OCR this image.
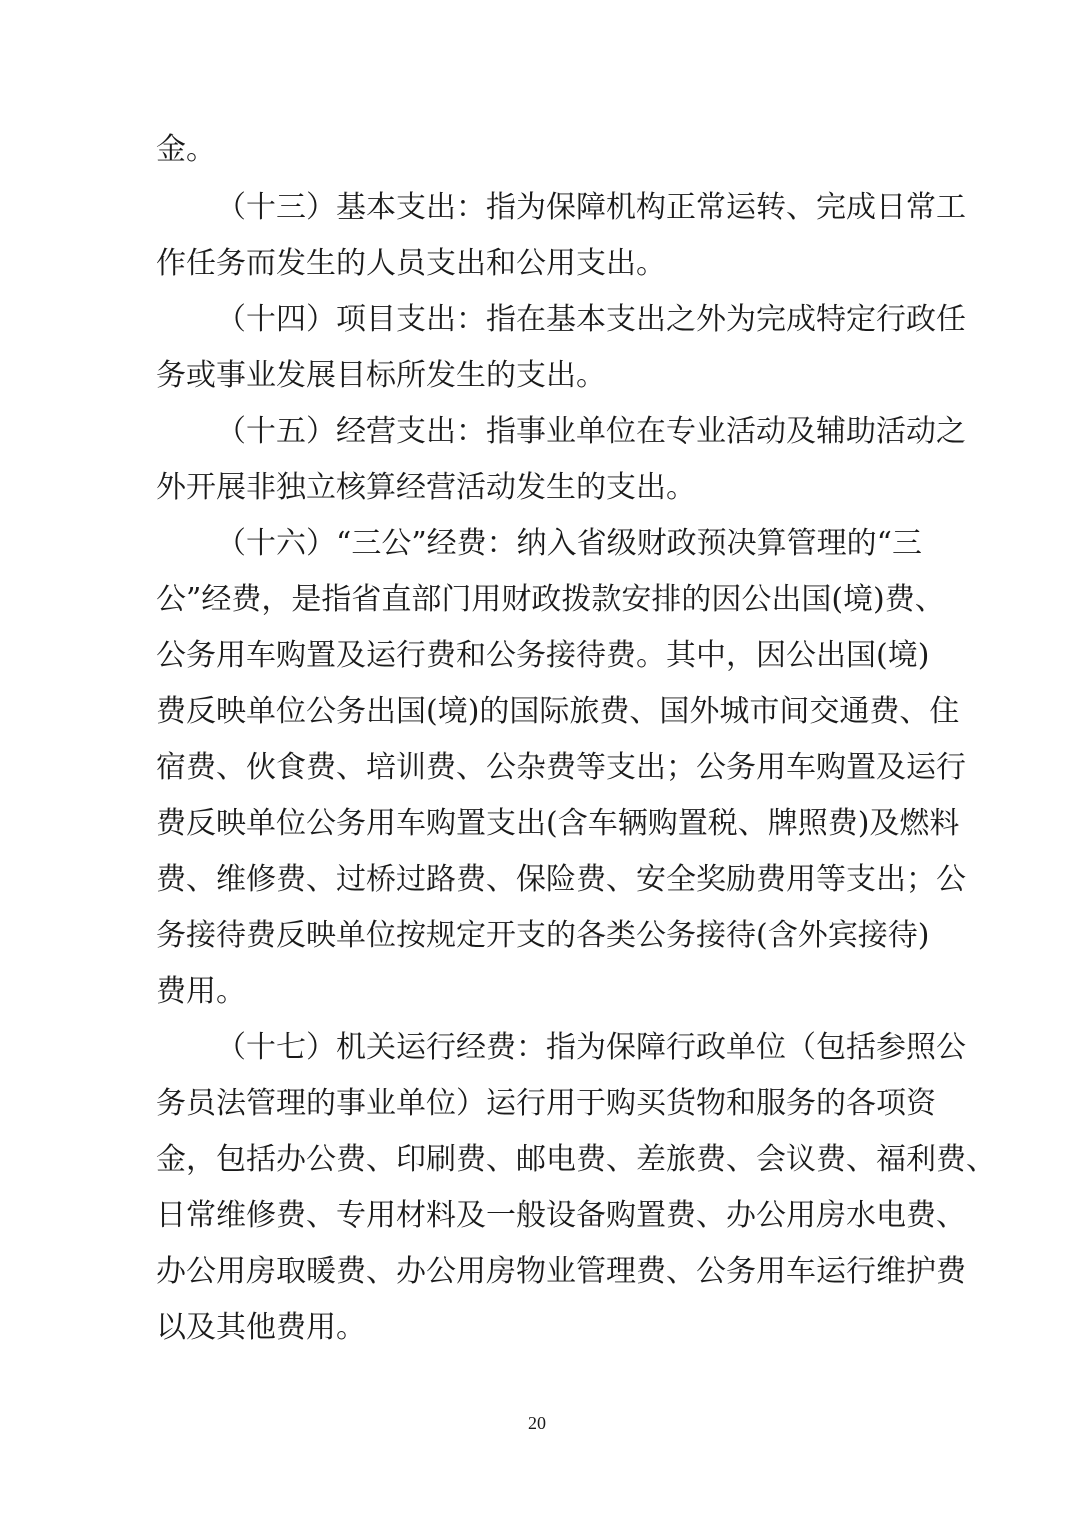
金。
（十三）基本支出：指为保障机构正常运转、完成日常工
作任务而发生的人员支出和公用支出。
（十四）项目支出：指在基本支出之外为完成特定行政任
务或事业发展目标所发生的支出。
（十五）经营支出：指事业单位在专业活动及辅助活动之
外开展非独立核算经营活动发生的支出。
（十六）“三公”经费：纳入省级财政预决算管理的“三
公”经费，是指省直部门用财政拨款安排的因公出国(境)费、
公务用车购置及运行费和公务接待费。其中，因公出国(境)
费反映单位公务出国(境)的国际旅费、国外城市间交通费、住
宿费、伙食费、培训费、公杂费等支出；公务用车购置及运行
费反映单位公务用车购置支出(含车辆购置税、牌照费)及燃料
费、维修费、过桥过路费、保险费、安全奖励费用等支出；公
务接待费反映单位按规定开支的各类公务接待(含外宾接待)
费用。
（十七）机关运行经费：指为保障行政单位（包括参照公
务员法管理的事业单位）运行用于购买货物和服务的各项资
金，包括办公费、印刷费、邮电费、差旅费、会议费、福利费、
日常维修费、专用材料及一般设备购置费、办公用房水电费、
办公用房取暖费、办公用房物业管理费、公务用车运行维护费
以及其他费用。
20
